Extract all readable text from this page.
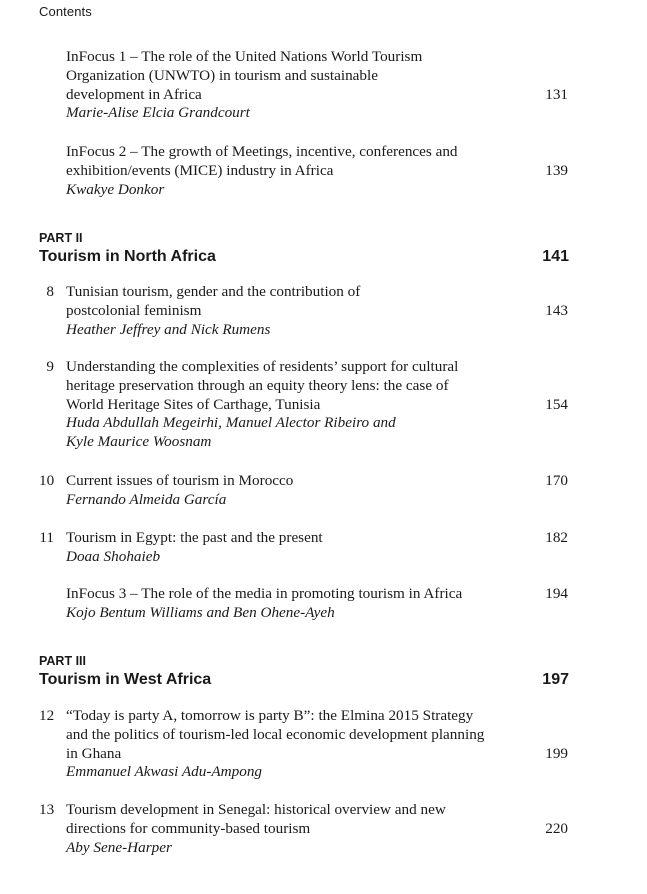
Contents
InFocus 1 – The role of the United Nations World Tourism
Organization (UNWTO) in tourism and sustainable
development in Africa
Marie-Alise Elcia Grandcourt
131
InFocus 2 – The growth of Meetings, incentive, conferences and
exhibition/events (MICE) industry in Africa
Kwakye Donkor
139
PART II
Tourism in North Africa	141
8 Tunisian tourism, gender and the contribution of
postcolonial feminism
Heather Jeffrey and Nick Rumens
143
9 Understanding the complexities of residents’ support for cultural
heritage preservation through an equity theory lens: the case of
World Heritage Sites of Carthage, Tunisia
Huda Abdullah Megeirhi, Manuel Alector Ribeiro and
Kyle Maurice Woosnam
154
10 Current issues of tourism in Morocco
Fernando Almeida García
170
11 Tourism in Egypt: the past and the present
Doaa Shohaieb
182
InFocus 3 – The role of the media in promoting tourism in Africa
Kojo Bentum Williams and Ben Ohene-Ayeh
194
PART III
Tourism in West Africa	197
12 “Today is party A, tomorrow is party B”: the Elmina 2015 Strategy
and the politics of tourism-led local economic development planning
in Ghana
Emmanuel Akwasi Adu-Ampong
199
13 Tourism development in Senegal: historical overview and new
directions for community-based tourism
Aby Sene-Harper
220
